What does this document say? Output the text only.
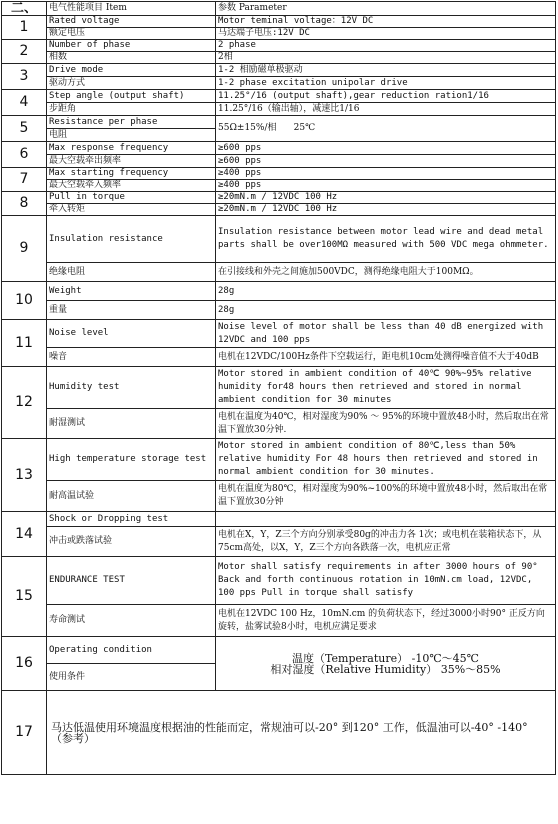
二、	电气性能项目 Item	参数 Parameter
1	Rated voltage	Motor teminal voltage：12V DC
	额定电压	马达端子电压:12V DC
2	Number of phase	2 phase
	相数	2相
3	Drive mode	1-2 相励磁单极驱动
	驱动方式	1-2 phase excitation unipolar drive
4	Step angle (output shaft)	11.25°/16 (output shaft),gear reduction ration1/16
	步距角	11.25°/16（输出轴），减速比1/16
5	Resistance per phase	55Ω±15%/相      25℃
	电阻	
6	Max response frequency	≥600 pps
	最大空载牵出频率	≥600 pps
7	Max starting frequency	≥400 pps
	最大空载牵入频率	≥400 pps
8	Pull in torque	≥20mN.m / 12VDC 100 Hz
	牵入转矩	≥20mN.m / 12VDC 100 Hz
9	Insulation resistance	Insulation resistance between motor lead wire and dead metal parts shall be over100MΩ measured with 500 VDC mega ohmmeter.
	绝缘电阻	在引接线和外壳之间施加500VDC，测得绝缘电阻大于100MΩ。
10	Weight	28g
	重量	28g
11	Noise level	Noise level of motor shall be less than 40 dB energized with 12VDC and 100 pps
	噪音	电机在12VDC/100Hz条件下空载运行，距电机10cm处测得噪音值不大于40dB
12	Humidity test	Motor stored in ambient condition of 40℃ 90%~95% relative humidity for48 hours then retrieved and stored in normal ambient condition for 30 minutes
	耐湿测试	电机在温度为40℃，相对湿度为90% ～ 95%的环境中置放48小时，然后取出在常温下置放30分钟.
13	High temperature storage test	Motor stored in ambient condition of 80℃,less than 50% relative humidity For 48 hours then retrieved and stored in normal ambient condition for 30 minutes.
	耐高温试验	电机在温度为80℃，相对湿度为90%~100%的环境中置放48小时，然后取出在常温下置放30分钟
14	Shock or Dropping test	
	冲击或跌落试验	电机在X，Y，Z三个方向分别承受80g的冲击力各 1次；或电机在装箱状态下，从75cm高处，以X，Y，Z三个方向各跌落一次，电机应正常
15	ENDURANCE TEST	Motor shall satisfy requirements in after 3000 hours of 90° Back and forth continuous rotation in 10mN.cm load, 12VDC, 100 pps Pull in torque shall satisfy
	寿命测试	电机在12VDC 100 Hz，10mN.cm 的负荷状态下，经过3000小时90° 正反方向旋转，盐雾试验8小时，电机应满足要求
16	Operating condition	温度（Temperature） -10℃～45℃
相对湿度（Relative Humidity） 35%～85%

	使用条件	
17	马达低温使用环境温度根据油的性能而定，常规油可以-20° 到120° 工作，低温油可以-40° -140° （参考）	
